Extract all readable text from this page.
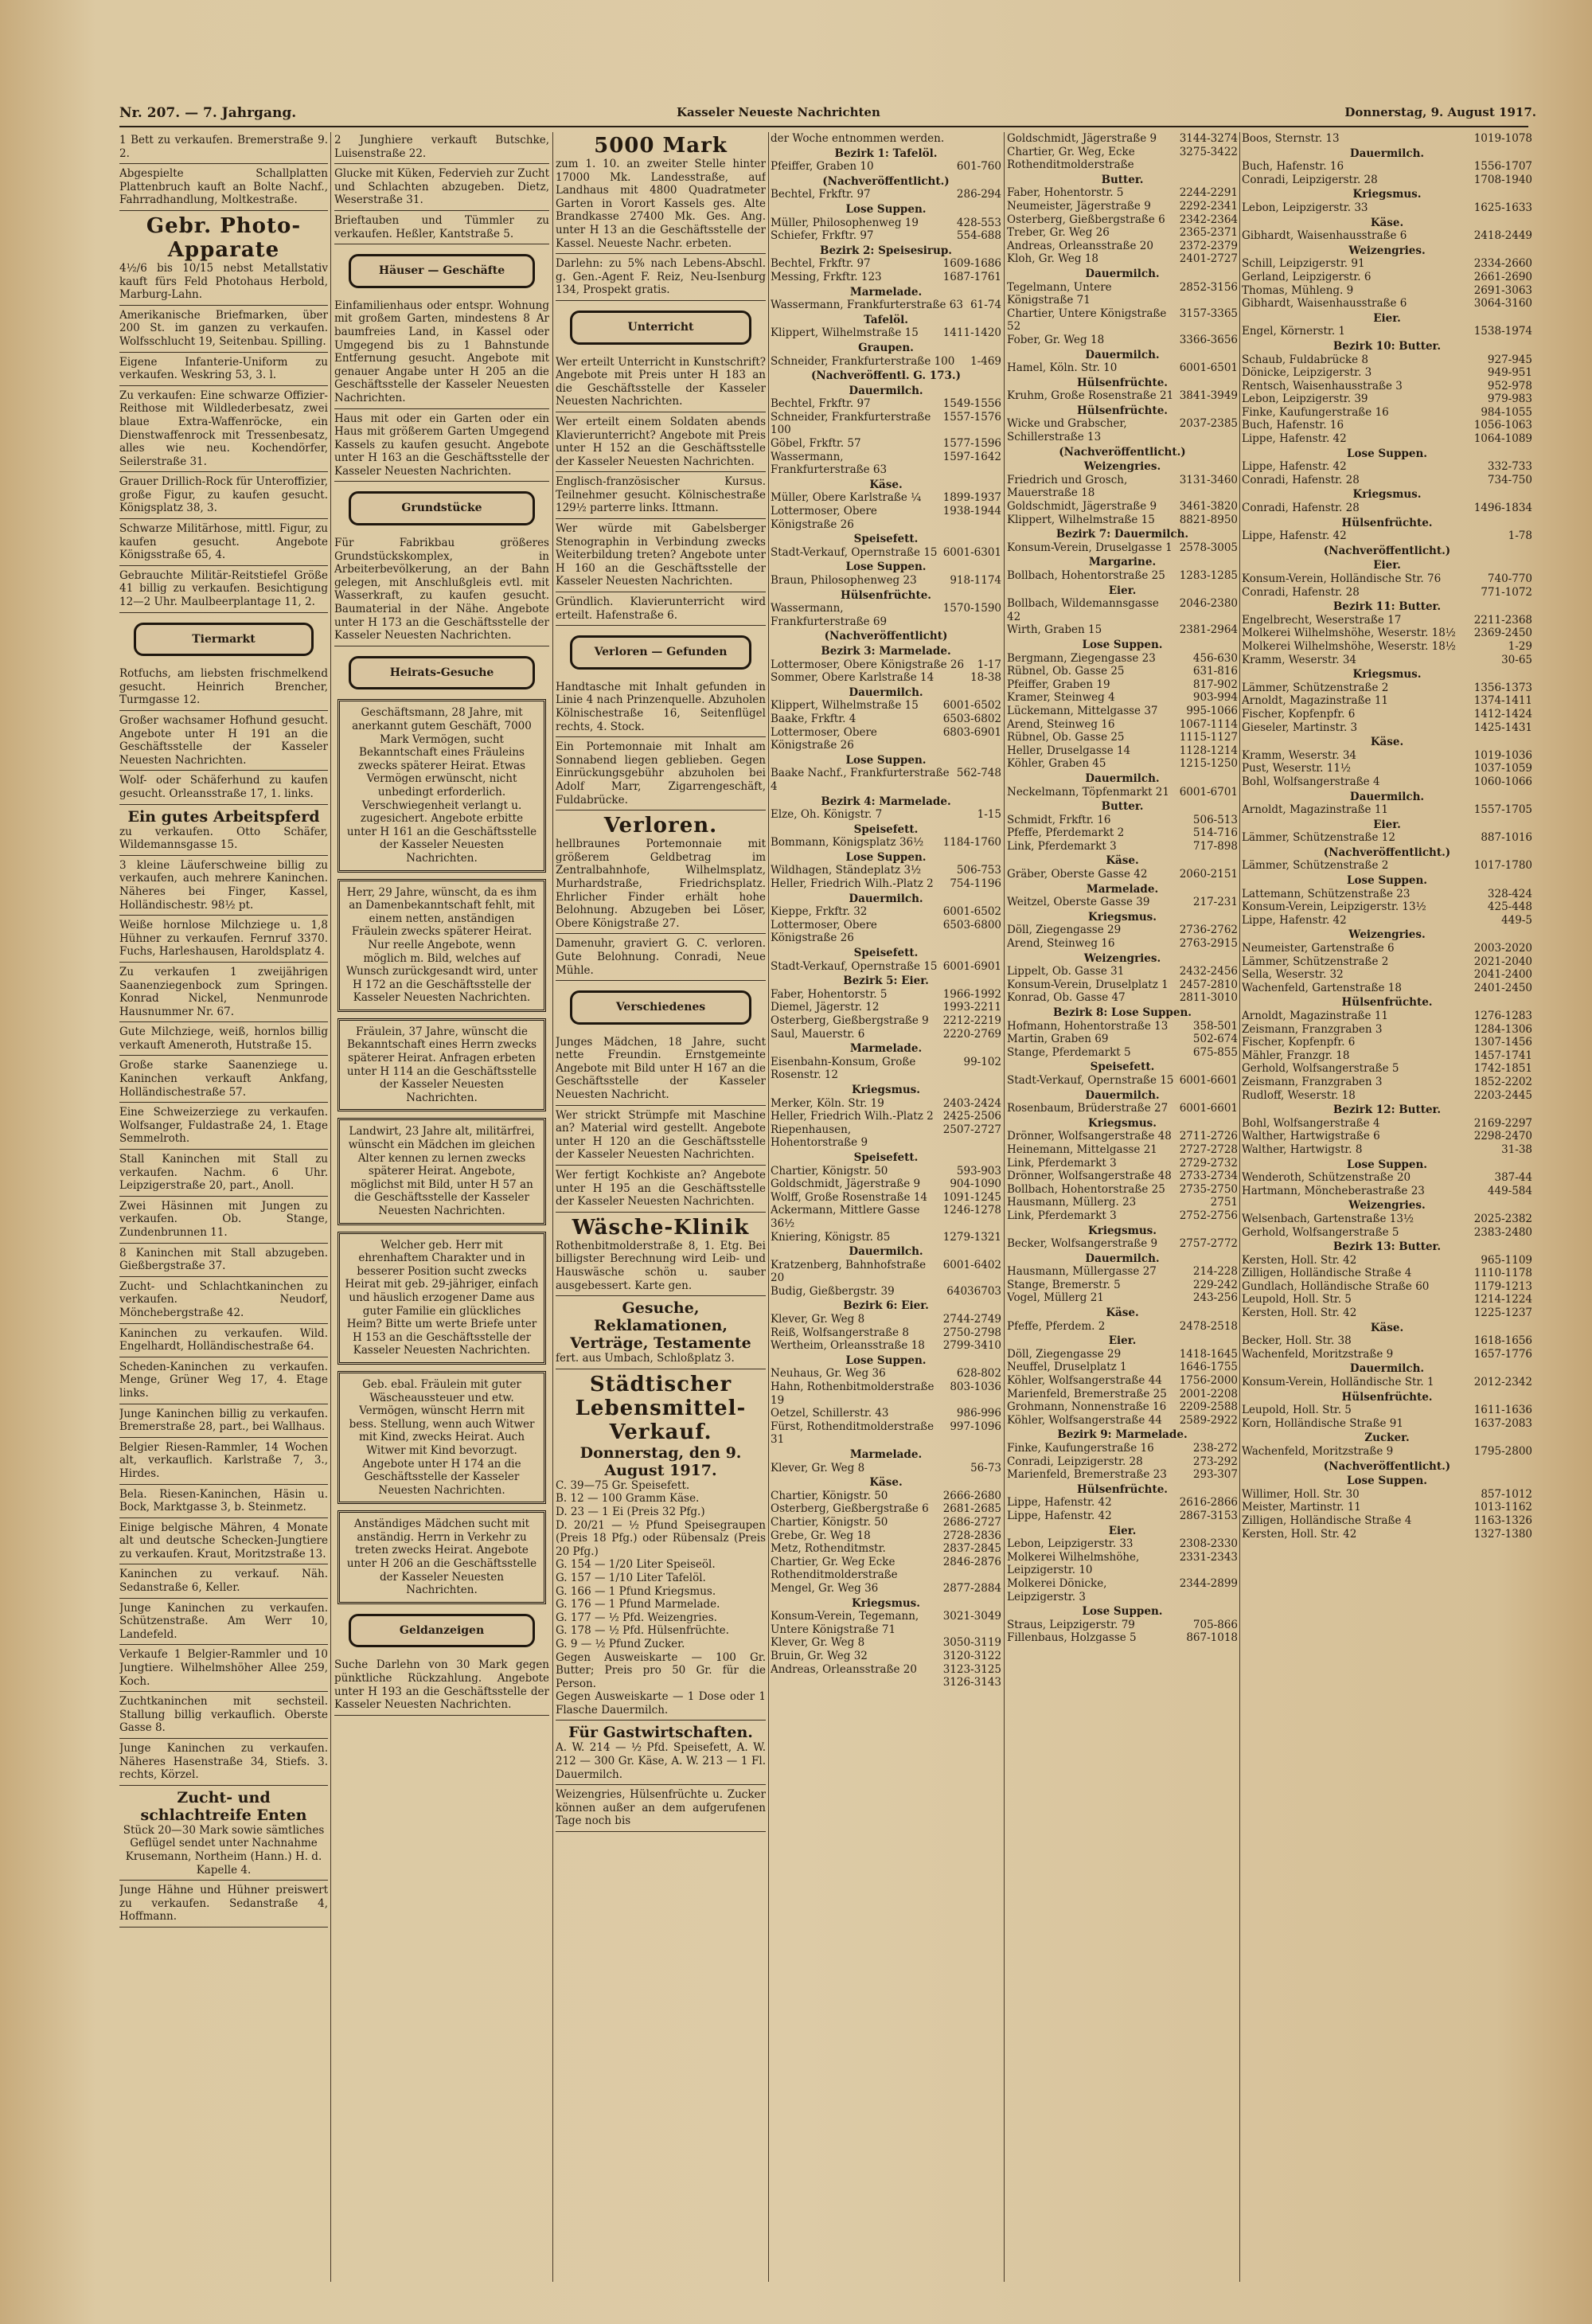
Nr. 207. — 7. Jahrgang.	Kasseler Neueste Nachrichten	Donnerstag, 9. August 1917.
1 Bett zu verkaufen. Bremerstraße 9. 2.
Abgespielte Schallplatten Plattenbruch kauft an Bolte Nachf., Fahrradhandlung, Moltkestraße.
Gebr. Photo-Apparate
4½/6 bis 10/15 nebst Metallstativ kauft fürs Feld Photohaus Herbold, Marburg-Lahn.
Amerikanische Briefmarken, über 200 St. im ganzen zu verkaufen. Wolfsschlucht 19, Seitenbau. Spilling.
Eigene Infanterie-Uniform zu verkaufen. Weskring 53, 3. l.
Zu verkaufen: Eine schwarze Offizier-Reithose mit Wildlederbesatz, zwei blaue Extra-Waffenröcke, ein Dienstwaffenrock mit Tressenbesatz, alles wie neu. Kochendörfer, Seilerstraße 31.
Grauer Drillich-Rock für Unteroffizier, große Figur, zu kaufen gesucht. Königsplatz 38, 3.
Schwarze Militärhose, mittl. Figur, zu kaufen gesucht. Angebote Königsstraße 65, 4.
Gebrauchte Militär-Reitstiefel Größe 41 billig zu verkaufen. Besichtigung 12—2 Uhr. Maulbeerplantage 11, 2.
Tiermarkt
Rotfuchs, am liebsten frischmelkend gesucht. Heinrich Brencher, Turmgasse 12.
Großer wachsamer Hofhund gesucht. Angebote unter H 191 an die Geschäftsstelle der Kasseler Neuesten Nachrichten.
Wolf- oder Schäferhund zu kaufen gesucht. Orleansstraße 17, 1. links.
Ein gutes Arbeitspferd
zu verkaufen. Otto Schäfer, Wildemannsgasse 15.
3 kleine Läuferschweine billig zu verkaufen, auch mehrere Kaninchen. Näheres bei Finger, Kassel, Holländischestr. 98½ pt.
Weiße hornlose Milchziege u. 1,8 Hühner zu verkaufen. Fernruf 3370. Fuchs, Harleshausen, Haroldsplatz 4.
Zu verkaufen 1 zweijährigen Saanenziegenbock zum Springen. Konrad Nickel, Nenmunrode Hausnummer Nr. 67.
Gute Milchziege, weiß, hornlos billig verkauft Ameneroth, Hutstraße 15.
Große starke Saanenziege u. Kaninchen verkauft Ankfang, Holländischestraße 57.
Eine Schweizerziege zu verkaufen. Wolfsanger, Fuldastraße 24, 1. Etage Semmelroth.
Stall Kaninchen mit Stall zu verkaufen. Nachm. 6 Uhr. Leipzigerstraße 20, part., Anoll.
Zwei Häsinnen mit Jungen zu verkaufen. Ob. Stange, Zundenbrunnen 11.
8 Kaninchen mit Stall abzugeben. Gießbergstraße 37.
Zucht- und Schlachtkaninchen zu verkaufen. Neudorf, Mönchebergstraße 42.
Kaninchen zu verkaufen. Wild. Engelhardt, Holländischestraße 64.
Scheden-Kaninchen zu verkaufen. Menge, Grüner Weg 17, 4. Etage links.
Junge Kaninchen billig zu verkaufen. Bremerstraße 28, part., bei Wallhaus.
Belgier Riesen-Rammler, 14 Wochen alt, verkauflich. Karlstraße 7, 3., Hirdes.
Bela. Riesen-Kaninchen, Häsin u. Bock, Marktgasse 3, b. Steinmetz.
Einige belgische Mähren, 4 Monate alt und deutsche Schecken-Jungtiere zu verkaufen. Kraut, Moritzstraße 13.
Kaninchen zu verkauf. Näh. Sedanstraße 6, Keller.
Junge Kaninchen zu verkaufen. Schützenstraße. Am Werr 10, Landefeld.
Verkaufe 1 Belgier-Rammler und 10 Jungtiere. Wilhelmshöher Allee 259, Koch.
Zuchtkaninchen mit sechsteil. Stallung billig verkauflich. Oberste Gasse 8.
Junge Kaninchen zu verkaufen. Näheres Hasenstraße 34, Stiefs. 3. rechts, Körzel.
Zucht- und schlachtreife Enten
Stück 20—30 Mark sowie sämtliches Geflügel sendet unter Nachnahme Krusemann, Northeim (Hann.) H. d. Kapelle 4.
Junge Hähne und Hühner preiswert zu verkaufen. Sedanstraße 4, Hoffmann.
2 Junghiere verkauft Butschke, Luisenstraße 22.
Glucke mit Küken, Federvieh zur Zucht und Schlachten abzugeben. Dietz, Weserstraße 31.
Brieftauben und Tümmler zu verkaufen. Heßler, Kantstraße 5.
Häuser — Geschäfte
Einfamilienhaus oder entspr. Wohnung mit großem Garten, mindestens 8 Ar baumfreies Land, in Kassel oder Umgegend bis zu 1 Bahnstunde Entfernung gesucht. Angebote mit genauer Angabe unter H 205 an die Geschäftsstelle der Kasseler Neuesten Nachrichten.
Haus mit oder ein Garten oder ein Haus mit größerem Garten Umgegend Kassels zu kaufen gesucht. Angebote unter H 163 an die Geschäftsstelle der Kasseler Neuesten Nachrichten.
Grundstücke
Für Fabrikbau größeres Grundstückskomplex, in Arbeiterbevölkerung, an der Bahn gelegen, mit Anschlußgleis evtl. mit Wasserkraft, zu kaufen gesucht. Baumaterial in der Nähe. Angebote unter H 173 an die Geschäftsstelle der Kasseler Neuesten Nachrichten.
Heirats-Gesuche
Geschäftsmann, 28 Jahre, mit anerkannt gutem Geschäft, 7000 Mark Vermögen, sucht Bekanntschaft eines Fräuleins zwecks späterer Heirat. Etwas Vermögen erwünscht, nicht unbedingt erforderlich. Verschwiegenheit verlangt u. zugesichert. Angebote erbitte unter H 161 an die Geschäftsstelle der Kasseler Neuesten Nachrichten.
Herr, 29 Jahre, wünscht, da es ihm an Damenbekanntschaft fehlt, mit einem netten, anständigen Fräulein zwecks späterer Heirat. Nur reelle Angebote, wenn möglich m. Bild, welches auf Wunsch zurückgesandt wird, unter H 172 an die Geschäftsstelle der Kasseler Neuesten Nachrichten.
Fräulein, 37 Jahre, wünscht die Bekanntschaft eines Herrn zwecks späterer Heirat. Anfragen erbeten unter H 114 an die Geschäftsstelle der Kasseler Neuesten Nachrichten.
Landwirt, 23 Jahre alt, militärfrei, wünscht ein Mädchen im gleichen Alter kennen zu lernen zwecks späterer Heirat. Angebote, möglichst mit Bild, unter H 57 an die Geschäftsstelle der Kasseler Neuesten Nachrichten.
Welcher geb. Herr mit ehrenhaftem Charakter und in besserer Position sucht zwecks Heirat mit geb. 29-jähriger, einfach und häuslich erzogener Dame aus guter Familie ein glückliches Heim? Bitte um werte Briefe unter H 153 an die Geschäftsstelle der Kasseler Neuesten Nachrichten.
Geb. ebal. Fräulein mit guter Wäscheaussteuer und etw. Vermögen, wünscht Herrn mit bess. Stellung, wenn auch Witwer mit Kind, zwecks Heirat. Auch Witwer mit Kind bevorzugt. Angebote unter H 174 an die Geschäftsstelle der Kasseler Neuesten Nachrichten.
Anständiges Mädchen sucht mit anständig. Herrn in Verkehr zu treten zwecks Heirat. Angebote unter H 206 an die Geschäftsstelle der Kasseler Neuesten Nachrichten.
Geldanzeigen
Suche Darlehn von 30 Mark gegen pünktliche Rückzahlung. Angebote unter H 193 an die Geschäftsstelle der Kasseler Neuesten Nachrichten.
5000 Mark
zum 1. 10. an zweiter Stelle hinter 17000 Mk. Landesstraße, auf Landhaus mit 4800 Quadratmeter Garten in Vorort Kassels ges. Alte Brandkasse 27400 Mk. Ges. Ang. unter H 13 an die Geschäftsstelle der Kassel. Neueste Nachr. erbeten.
Darlehn: zu 5% nach Lebens-Abschl. g. Gen.-Agent F. Reiz, Neu-Isenburg 134, Prospekt gratis.
Unterricht
Wer erteilt Unterricht in Kunstschrift? Angebote mit Preis unter H 183 an die Geschäftsstelle der Kasseler Neuesten Nachrichten.
Wer erteilt einem Soldaten abends Klavierunterricht? Angebote mit Preis unter H 152 an die Geschäftsstelle der Kasseler Neuesten Nachrichten.
Englisch-französischer Kursus. Teilnehmer gesucht. Kölnischestraße 129½ parterre links. Ittmann.
Wer würde mit Gabelsberger Stenographin in Verbindung zwecks Weiterbildung treten? Angebote unter H 160 an die Geschäftsstelle der Kasseler Neuesten Nachrichten.
Gründlich. Klavierunterricht wird erteilt. Hafenstraße 6.
Verloren — Gefunden
Handtasche mit Inhalt gefunden in Linie 4 nach Prinzenquelle. Abzuholen Kölnischestraße 16, Seitenflügel rechts, 4. Stock.
Ein Portemonnaie mit Inhalt am Sonnabend liegen geblieben. Gegen Einrückungsgebühr abzuholen bei Adolf Marr, Zigarrengeschäft, Fuldabrücke.
Verloren.
hellbraunes Portemonnaie mit größerem Geldbetrag im Zentralbahnhofe, Wilhelmsplatz, Murhardstraße, Friedrichsplatz. Ehrlicher Finder erhält hohe Belohnung. Abzugeben bei Löser, Obere Königstraße 27.
Damenuhr, graviert G. C. verloren. Gute Belohnung. Conradi, Neue Mühle.
Verschiedenes
Junges Mädchen, 18 Jahre, sucht nette Freundin. Ernstgemeinte Angebote mit Bild unter H 167 an die Geschäftsstelle der Kasseler Neuesten Nachricht.
Wer strickt Strümpfe mit Maschine an? Material wird gestellt. Angebote unter H 120 an die Geschäftsstelle der Kasseler Neuesten Nachrichten.
Wer fertigt Kochkiste an? Angebote unter H 195 an die Geschäftsstelle der Kasseler Neuesten Nachrichten.
Wäsche-Klinik
Rothenbitmolderstraße 8, 1. Etg. Bei billigster Berechnung wird Leib- und Hauswäsche schön u. sauber ausgebessert. Karte gen.
Gesuche, Reklamationen, Verträge, Testamente
fert. aus Umbach, Schloßplatz 3.
Städtischer Lebensmittel-Verkauf.
Donnerstag, den 9. August 1917.
C. 39—75 Gr. Speisefett.
B. 12 — 100 Gramm Käse.
D. 23 — 1 Ei (Preis 32 Pfg.)
D. 20/21 — ½ Pfund Speisegraupen (Preis 18 Pfg.) oder Rübensalz (Preis 20 Pfg.)
G. 154 — 1/20 Liter Speiseöl.
G. 157 — 1/10 Liter Tafelöl.
G. 166 — 1 Pfund Kriegsmus.
G. 176 — 1 Pfund Marmelade.
G. 177 — ½ Pfd. Weizengries.
G. 178 — ½ Pfd. Hülsenfrüchte.
G. 9 — ½ Pfund Zucker.
Gegen Ausweiskarte — 100 Gr. Butter; Preis pro 50 Gr. für die Person.
Gegen Ausweiskarte — 1 Dose oder 1 Flasche Dauermilch.
Für Gastwirtschaften.
A. W. 214 — ½ Pfd. Speisefett, A. W. 212 — 300 Gr. Käse, A. W. 213 — 1 Fl. Dauermilch.
Weizengries, Hülsenfrüchte u. Zucker können außer an dem aufgerufenen Tage noch bis
der Woche entnommen werden.
Bezirk 1: Tafelöl.
Pfeiffer, Graben 10	601-760
(Nachveröffentlicht.)
Bechtel, Frkftr. 97	286-294
Lose Suppen.
Müller, Philosophenweg 19	428-553
Schiefer, Frkftr. 97	554-688
Bezirk 2: Speisesirup.
Bechtel, Frkftr. 97	1609-1686
Messing, Frkftr. 123	1687-1761
Marmelade.
Wassermann, Frankfurterstraße 63 61-74
Tafelöl.
Klippert, Wilhelmstraße 15	1411-1420
Graupen.
Schneider, Frankfurterstraße 100	1-469
(Nachveröffentl. G. 173.)
Dauermilch.
Bechtel, Frkftr. 97	1549-1556
Schneider, Frankfurterstraße 100
1557-1576
Göbel, Frkftr. 57	1577-1596
Wassermann, Frankfurterstraße 63
1597-1642
Käse.
Müller, Obere Karlstraße ¼	1899-1937
Lottermoser, Obere Königstraße 26
1938-1944
Speisefett.
Stadt-Verkauf, Opernstraße 15 6001-6301
Lose Suppen.
Braun, Philosophenweg 23	918-1174
Hülsenfrüchte.
Wassermann, Frankfurterstraße 69
1570-1590
(Nachveröffentlicht)
Bezirk 3: Marmelade.
Lottermoser, Obere Königstraße 26	1-17
Sommer, Obere Karlstraße 14	18-38
Dauermilch.
Klippert, Wilhelmstraße 15	6001-6502
Baake, Frkftr. 4	6503-6802
Lottermoser, Obere Königstraße 26
6803-6901
Lose Suppen.
Baake Nachf., Frankfurterstraße 4
562-748
Bezirk 4: Marmelade.
Elze, Oh. Königstr. 7	1-15
Speisefett.
Bommann, Königsplatz 36½	1184-1760
Lose Suppen.
Wildhagen, Ständeplatz 3½	506-753
Heller, Friedrich Wilh.-Platz 2	754-1196
Dauermilch.
Kieppe, Frkftr. 32	6001-6502
Lottermoser, Obere Königstraße 26
6503-6800
Speisefett.
Stadt-Verkauf, Opernstraße 15 6001-6901
Bezirk 5: Eier.
Faber, Hohentorstr. 5	1966-1992
Diemel, Jägerstr. 12	1993-2211
Osterberg, Gießbergstraße 9	2212-2219
Saul, Mauerstr. 6	2220-2769
Marmelade.
Eisenbahn-Konsum, Große Rosenstr. 12
99-102
Kriegsmus.
Merker, Köln. Str. 19	2403-2424
Heller, Friedrich Wilh.-Platz 2 2425-2506
Riepenhausen, Hohentorstraße 9
2507-2727
Speisefett.
Chartier, Königstr. 50	593-903
Goldschmidt, Jägerstraße 9	904-1090
Wolff, Große Rosenstraße 14	1091-1245
Ackermann, Mittlere Gasse 36½
1246-1278
Kniering, Königstr. 85	1279-1321
Dauermilch.
Kratzenberg, Bahnhofstraße 20
6001-6402
Budig, Gießbergstr. 39	64036703
Bezirk 6: Eier.
Klever, Gr. Weg 8	2744-2749
Reiß, Wolfsangerstraße 8	2750-2798
Wertheim, Orleansstraße 18	2799-3410
Lose Suppen.
Neuhaus, Gr. Weg 36	628-802
Hahn, Rothenbitmolderstraße 19
803-1036
Oetzel, Schillerstr. 43	986-996
Fürst, Rothenditmolderstraße 31
997-1096
Marmelade.
Klever, Gr. Weg 8	56-73
Käse.
Chartier, Königstr. 50	2666-2680
Osterberg, Gießbergstraße 6	2681-2685
Chartier, Königstr. 50	2686-2727
Grebe, Gr. Weg 18	2728-2836
Metz, Rothenditmstr.	2837-2845
Chartier, Gr. Weg Ecke Rothenditmolderstraße
2846-2876
Mengel, Gr. Weg 36	2877-2884
Kriegsmus.
Konsum-Verein, Tegemann, Untere Königstraße 71
3021-3049
Klever, Gr. Weg 8	3050-3119
Bruin, Gr. Weg 32	3120-3122
Andreas, Orleansstraße 20	3123-3125
3126-3143
Goldschmidt, Jägerstraße 9	3144-3274
Chartier, Gr. Weg, Ecke Rothenditmolderstraße
3275-3422
Butter.
Faber, Hohentorstr. 5	2244-2291
Neumeister, Jägerstraße 9	2292-2341
Osterberg, Gießbergstraße 6	2342-2364
Treber, Gr. Weg 26	2365-2371
Andreas, Orleansstraße 20	2372-2379
Kloh, Gr. Weg 18	2401-2727
Dauermilch.
Tegelmann, Untere Königstraße 71
2852-3156
Chartier, Untere Königstraße 52
3157-3365
Fober, Gr. Weg 18	3366-3656
Dauermilch.
Hamel, Köln. Str. 10	6001-6501
Hülsenfrüchte.
Kruhm, Große Rosenstraße 21 3841-3949
Hülsenfrüchte.
Wicke und Grabscher, Schillerstraße 13
2037-2385
(Nachveröffentlicht.)
Weizengries.
Friedrich und Grosch, Mauerstraße 18
3131-3460
Goldschmidt, Jägerstraße 9	3461-3820
Klippert, Wilhelmstraße 15	8821-8950
Bezirk 7: Dauermilch.
Konsum-Verein, Druselgasse 1 2578-3005
Margarine.
Bollbach, Hohentorstraße 25	1283-1285
Eier.
Bollbach, Wildemannsgasse 42
2046-2380
Wirth, Graben 15	2381-2964
Lose Suppen.
Bergmann, Ziegengasse 23	456-630
Rübnel, Ob. Gasse 25	631-816
Pfeiffer, Graben 19	817-902
Kramer, Steinweg 4	903-994
Lückemann, Mittelgasse 37	995-1066
Arend, Steinweg 16	1067-1114
Rübnel, Ob. Gasse 25	1115-1127
Heller, Druselgasse 14	1128-1214
Köhler, Graben 45	1215-1250
Dauermilch.
Neckelmann, Töpfenmarkt 21 6001-6701
Butter.
Schmidt, Frkftr. 16	506-513
Pfeffe, Pferdemarkt 2	514-716
Link, Pferdemarkt 3	717-898
Käse.
Gräber, Oberste Gasse 42	2060-2151
Marmelade.
Weitzel, Oberste Gasse 39	217-231
Kriegsmus.
Döll, Ziegengasse 29	2736-2762
Arend, Steinweg 16	2763-2915
Weizengries.
Lippelt, Ob. Gasse 31	2432-2456
Konsum-Verein, Druselplatz 1	2457-2810
Konrad, Ob. Gasse 47	2811-3010
Bezirk 8: Lose Suppen.
Hofmann, Hohentorstraße 13	358-501
Martin, Graben 69	502-674
Stange, Pferdemarkt 5	675-855
Speisefett.
Stadt-Verkauf, Opernstraße 15 6001-6601
Dauermilch.
Rosenbaum, Brüderstraße 27	6001-6601
Kriegsmus.
Drönner, Wolfsangerstraße 48 2711-2726
Heinemann, Mittelgasse 21	2727-2728
Link, Pferdemarkt 3	2729-2732
Drönner, Wolfsangerstraße 48 2733-2734
Bollbach, Hohentorstraße 25	2735-2750
Hausmann, Müllerg. 23	2751
Link, Pferdemarkt 3	2752-2756
Kriegsmus.
Becker, Wolfsangerstraße 9	2757-2772
Dauermilch.
Hausmann, Müllergasse 27	214-228
Stange, Bremerstr. 5	229-242
Vogel, Müllerg 21	243-256
Käse.
Pfeffe, Pferdem. 2	2478-2518
Eier.
Döll, Ziegengasse 29	1418-1645
Neuffel, Druselplatz 1	1646-1755
Köhler, Wolfsangerstraße 44	1756-2000
Marienfeld, Bremerstraße 25	2001-2208
Grohmann, Nonnenstraße 16	2209-2588
Köhler, Wolfsangerstraße 44	2589-2922
Bezirk 9: Marmelade.
Finke, Kaufungerstraße 16	238-272
Conradi, Leipzigerstr. 28	273-292
Marienfeld, Bremerstraße 23	293-307
Hülsenfrüchte.
Lippe, Hafenstr. 42	2616-2866
Lippe, Hafenstr. 42	2867-3153
Eier.
Lebon, Leipzigerstr. 33	2308-2330
Molkerei Wilhelmshöhe, Leipzigerstr. 10
2331-2343
Molkerei Dönicke, Leipzigerstr. 3
2344-2899
Lose Suppen.
Straus, Leipzigerstr. 79	705-866
Fillenbaus, Holzgasse 5	867-1018
Boos, Sternstr. 13	1019-1078
Dauermilch.
Buch, Hafenstr. 16	1556-1707
Conradi, Leipzigerstr. 28	1708-1940
Kriegsmus.
Lebon, Leipzigerstr. 33	1625-1633
Käse.
Gibhardt, Waisenhausstraße 6	2418-2449
Weizengries.
Schill, Leipzigerstr. 91	2334-2660
Gerland, Leipzigerstr. 6	2661-2690
Thomas, Mühleng. 9	2691-3063
Gibhardt, Waisenhausstraße 6	3064-3160
Eier.
Engel, Körnerstr. 1	1538-1974
Bezirk 10: Butter.
Schaub, Fuldabrücke 8	927-945
Dönicke, Leipzigerstr. 3	949-951
Rentsch, Waisenhausstraße 3	952-978
Lebon, Leipzigerstr. 39	979-983
Finke, Kaufungerstraße 16	984-1055
Buch, Hafenstr. 16	1056-1063
Lippe, Hafenstr. 42	1064-1089
Lose Suppen.
Lippe, Hafenstr. 42	332-733
Conradi, Hafenstr. 28	734-750
Kriegsmus.
Conradi, Hafenstr. 28	1496-1834
Hülsenfrüchte.
Lippe, Hafenstr. 42	1-78
(Nachveröffentlicht.)
Eier.
Konsum-Verein, Holländische Str. 76	740-770
Conradi, Hafenstr. 28	771-1072
Bezirk 11: Butter.
Engelbrecht, Weserstraße 17	2211-2368
Molkerei Wilhelmshöhe, Weserstr. 18½	2369-2450
Molkerei Wilhelmshöhe, Weserstr. 18½	1-29
Kramm, Weserstr. 34	30-65
Kriegsmus.
Lämmer, Schützenstraße 2	1356-1373
Arnoldt, Magazinstraße 11	1374-1411
Fischer, Kopfenpfr. 6	1412-1424
Gieseler, Martinstr. 3	1425-1431
Käse.
Kramm, Weserstr. 34	1019-1036
Pust, Weserstr. 11½	1037-1059
Bohl, Wolfsangerstraße 4	1060-1066
Dauermilch.
Arnoldt, Magazinstraße 11	1557-1705
Eier.
Lämmer, Schützenstraße 12	887-1016
(Nachveröffentlicht.)
Lämmer, Schützenstraße 2	1017-1780
Lose Suppen.
Lattemann, Schützenstraße 23	328-424
Konsum-Verein, Leipzigerstr. 13½	425-448
Lippe, Hafenstr. 42	449-5
Weizengries.
Neumeister, Gartenstraße 6	2003-2020
Lämmer, Schützenstraße 2	2021-2040
Sella, Weserstr. 32	2041-2400
Wachenfeld, Gartenstraße 18	2401-2450
Hülsenfrüchte.
Arnoldt, Magazinstraße 11	1276-1283
Zeismann, Franzgraben 3	1284-1306
Fischer, Kopfenpfr. 6	1307-1456
Mähler, Franzgr. 18	1457-1741
Gerhold, Wolfsangerstraße 5	1742-1851
Zeismann, Franzgraben 3	1852-2202
Rudloff, Weserstr. 18	2203-2445
Bezirk 12: Butter.
Bohl, Wolfsangerstraße 4	2169-2297
Walther, Hartwigstraße 6	2298-2470
Walther, Hartwigstr. 8	31-38
Lose Suppen.
Wenderoth, Schützenstraße 20	387-44
Hartmann, Möncheberastraße 23	449-584
Weizengries.
Welsenbach, Gartenstraße 13½	2025-2382
Gerhold, Wolfsangerstraße 5	2383-2480
Bezirk 13: Butter.
Kersten, Holl. Str. 42	965-1109
Zilligen, Holländische Straße 4	1110-1178
Gundlach, Holländische Straße 60	1179-1213
Leupold, Holl. Str. 5	1214-1224
Kersten, Holl. Str. 42	1225-1237
Käse.
Becker, Holl. Str. 38	1618-1656
Wachenfeld, Moritzstraße 9	1657-1776
Dauermilch.
Konsum-Verein, Holländische Str. 1	2012-2342
Hülsenfrüchte.
Leupold, Holl. Str. 5	1611-1636
Korn, Holländische Straße 91	1637-2083
Zucker.
Wachenfeld, Moritzstraße 9	1795-2800
(Nachveröffentlicht.)
Lose Suppen.
Willimer, Holl. Str. 30	857-1012
Meister, Martinstr. 11	1013-1162
Zilligen, Holländische Straße 4	1163-1326
Kersten, Holl. Str. 42	1327-1380
